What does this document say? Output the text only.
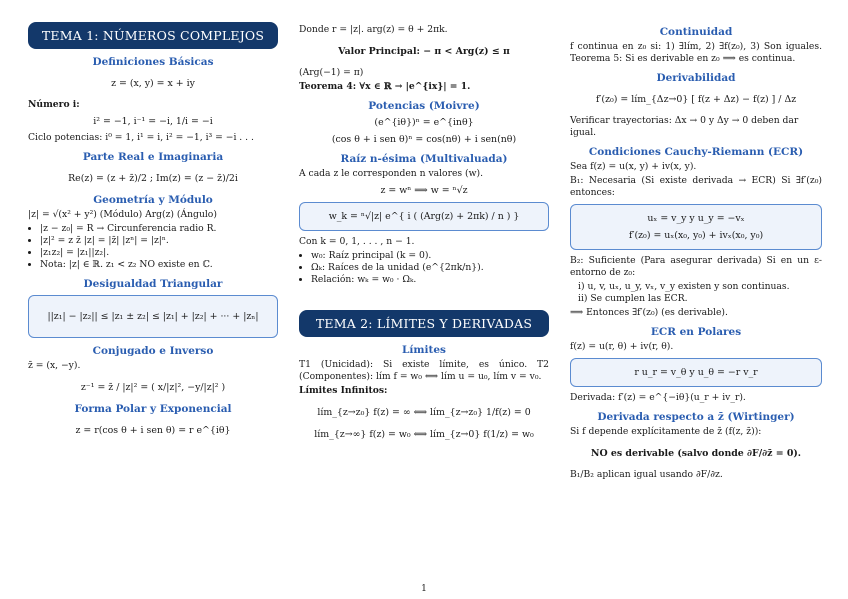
TEMA 1: NÚMEROS COMPLEJOS
Definiciones Básicas
z = (x, y) = x + iy
Número i:
i² = −1, i⁻¹ = −i, 1/i = −i
Ciclo potencias: i⁰ = 1, i¹ = i, i² = −1, i³ = −i . . .
Parte Real e Imaginaria
Re(z) = (z + z̄)/2 ; Im(z) = (z − z̄)/2i
Geometría y Módulo
|z| = √(x² + y²) (Módulo) Arg(z) (Ángulo)
• |z − z₀| = R → Circunferencia radio R.
• |z|² = z z̄ |z| = |z̄| |zⁿ| = |z|ⁿ.
• |z₁z₂| = |z₁||z₂|.
• Nota: |z| ∈ ℝ. z₁ < z₂ NO existe en ℂ.
Desigualdad Triangular
||z₁| − |z₂|| ≤ |z₁ ± z₂| ≤ |z₁| + |z₂| + ··· + |zₙ|
Conjugado e Inverso
z̄ = (x, −y).
z⁻¹ = z̄ / |z|² = ( x/|z|², −y/|z|² )
Forma Polar y Exponencial
z = r(cos θ + i sen θ) = r e^{iθ}
Donde r = |z|. arg(z) = θ + 2πk.
Valor Principal: − π < Arg(z) ≤ π
(Arg(−1) = π)
Teorema 4: ∀x ∈ ℝ → |e^{ix}| = 1.
Potencias (Moivre)
(e^{iθ})ⁿ = e^{inθ}
(cos θ + i sen θ)ⁿ = cos(nθ) + i sen(nθ)
Raíz n-ésima (Multivaluada)
A cada z le corresponden n valores (w).
z = wⁿ ⟹ w = ⁿ√z
w_k = ⁿ√|z| e^{ i ( (Arg(z) + 2πk) / n ) }
Con k = 0, 1, . . . , n − 1.
• w₀: Raíz principal (k = 0).
• Ωₖ: Raíces de la unidad (e^{2πk/n}).
• Relación: wₖ = w₀ · Ωₖ.
TEMA 2: LÍMITES Y DERIVADAS
Límites
T1 (Unicidad): Si existe límite, es único. T2 (Componentes): lím f = w₀ ⟺ lím u = u₀, lím v = v₀.
Límites Infinitos:
lím_{z→z₀} f(z) = ∞ ⟺ lím_{z→z₀} 1/f(z) = 0
lím_{z→∞} f(z) = w₀ ⟺ lím_{z→0} f(1/z) = w₀
Continuidad
f continua en z₀ si: 1) ∃lím, 2) ∃f(z₀), 3) Son iguales. Teorema 5: Si es derivable en z₀ ⟹ es continua.
Derivabilidad
f′(z₀) = lím_{Δz→0} [ f(z + Δz) − f(z) ] / Δz
Verificar trayectorias: Δx → 0 y Δy → 0 deben dar igual.
Condiciones Cauchy-Riemann (ECR)
Sea f(z) = u(x, y) + iv(x, y).
B₁: Necesaria (Si existe derivada → ECR) Si ∃f′(z₀) entonces:
uₓ = v_y y u_y = −vₓ
f′(z₀) = uₓ(x₀, y₀) + ivₓ(x₀, y₀)
B₂: Suficiente (Para asegurar derivada) Si en un ε-entorno de z₀:
i) u, v, uₓ, u_y, vₓ, v_y existen y son continuas.
ii) Se cumplen las ECR.
⟹ Entonces ∃f′(z₀) (es derivable).
ECR en Polares
f(z) = u(r, θ) + iv(r, θ).
r u_r = v_θ y u_θ = −r v_r
Derivada: f′(z) = e^{−iθ}(u_r + iv_r).
Derivada respecto a z̄ (Wirtinger)
Si f depende explícitamente de z̄ (f(z, z̄)):
NO es derivable (salvo donde ∂F/∂z̄ = 0).
B₁/B₂ aplican igual usando ∂F/∂z.
1
